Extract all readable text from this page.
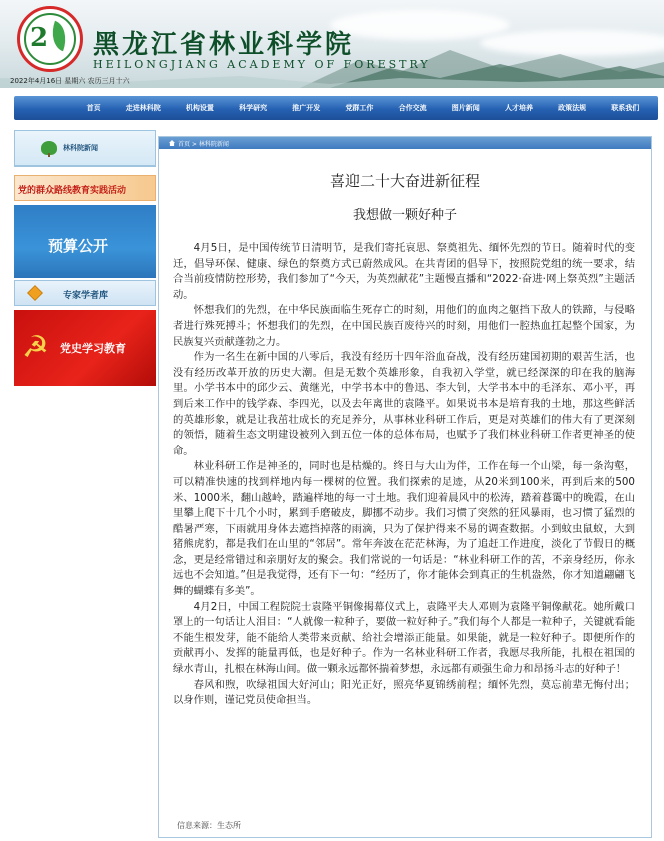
2 黑龙江省林业科学院
HEILONGJIANG ACADEMY OF FORESTRY
2022年4月16日 星期六 农历三月十六
首页	走进林科院	机构设置	科学研究	推广开发	党群工作	合作交流	图片新闻	人才培养	政策法规	联系我们
林科院新闻
党的群众路线教育实践活动
预算公开
专家学者库
☭ 党史学习教育
首页 > 林科院新闻
喜迎二十大奋进新征程
我想做一颗好种子

4月5日，是中国传统节日清明节，是我们寄托哀思、祭奠祖先、缅怀先烈的节日。随着时代的变迁，倡导环保、健康、绿色的祭奠方式已蔚然成风。在共青团的倡导下，按照院党组的统一要求，结合当前疫情防控形势，我们参加了“今天，为英烈献花”主题慢直播和“2022·奋进·网上祭英烈”主题活动。

怀想我们的先烈，在中华民族面临生死存亡的时刻，用他们的血肉之躯挡下敌人的铁蹄，与侵略者进行殊死搏斗；怀想我们的先烈，在中国民族百废待兴的时刻，用他们一腔热血扛起整个国家，为民族复兴贡献蓬勃之力。

作为一名生在新中国的八零后，我没有经历十四年浴血奋战，没有经历建国初期的艰苦生活，也没有经历改革开放的历史大潮。但是无数个英雄形象，自我初入学堂，就已经深深的印在我的脑海里。小学书本中的邱少云、黄继光，中学书本中的鲁迅、李大钊，大学书本中的毛泽东、邓小平，再到后来工作中的钱学森、李四光，以及去年离世的袁隆平。如果说书本是培育我的土地，那这些鲜活的英雄形象，就是让我茁壮成长的充足养分，从事林业科研工作后，更是对英雄们的伟大有了更深刻的领悟，随着生态文明建设被列入到五位一体的总体布局，也赋予了我们林业科研工作者更神圣的使命。

林业科研工作是神圣的，同时也是枯燥的。终日与大山为伴，工作在每一个山梁，每一条沟壑，可以精准快速的找到样地内每一棵树的位置。我们探索的足迹，从20米到100米，再到后来的500米、1000米，翻山越岭，踏遍样地的每一寸土地。我们迎着晨风中的松涛，踏着暮霭中的晚霞，在山里攀上爬下十几个小时，累到手磨破皮，脚挪不动步。我们习惯了突然的狂风暴雨，也习惯了猛烈的酷暑严寒，下雨就用身体去遮挡掉落的雨滴，只为了保护得来不易的调查数据。小到蚊虫鼠蚁，大到猪熊虎豹，都是我们在山里的“邻居”。常年奔波在茫茫林海，为了追赶工作进度，淡化了节假日的概念，更是经常错过和亲朋好友的聚会。我们常说的一句话是：“林业科研工作的苦，不亲身经历，你永远也不会知道。”但是我觉得，还有下一句：“经历了，你才能体会到真正的生机盎然，你才知道翩翩飞舞的蝴蝶有多美”。

4月2日，中国工程院院士袁隆平铜像揭幕仪式上，袁隆平夫人邓则为袁隆平铜像献花。她所戴口罩上的一句话让人泪目：“人就像一粒种子，要做一粒好种子。”我们每个人都是一粒种子，关键就看能不能生根发芽，能不能给人类带来贡献、给社会增添正能量。如果能，就是一粒好种子。即便所作的贡献再小、发挥的能量再低，也是好种子。作为一名林业科研工作者，我愿尽我所能，扎根在祖国的绿水青山，扎根在林海山间。做一颗永远都怀揣着梦想，永远都有顽强生命力和昂扬斗志的好种子！

春风和煦，吹绿祖国大好河山；阳光正好，照亮华夏锦绣前程；缅怀先烈，莫忘前辈无悔付出；以身作则，谨记党员使命担当。

信息来源：生态所
